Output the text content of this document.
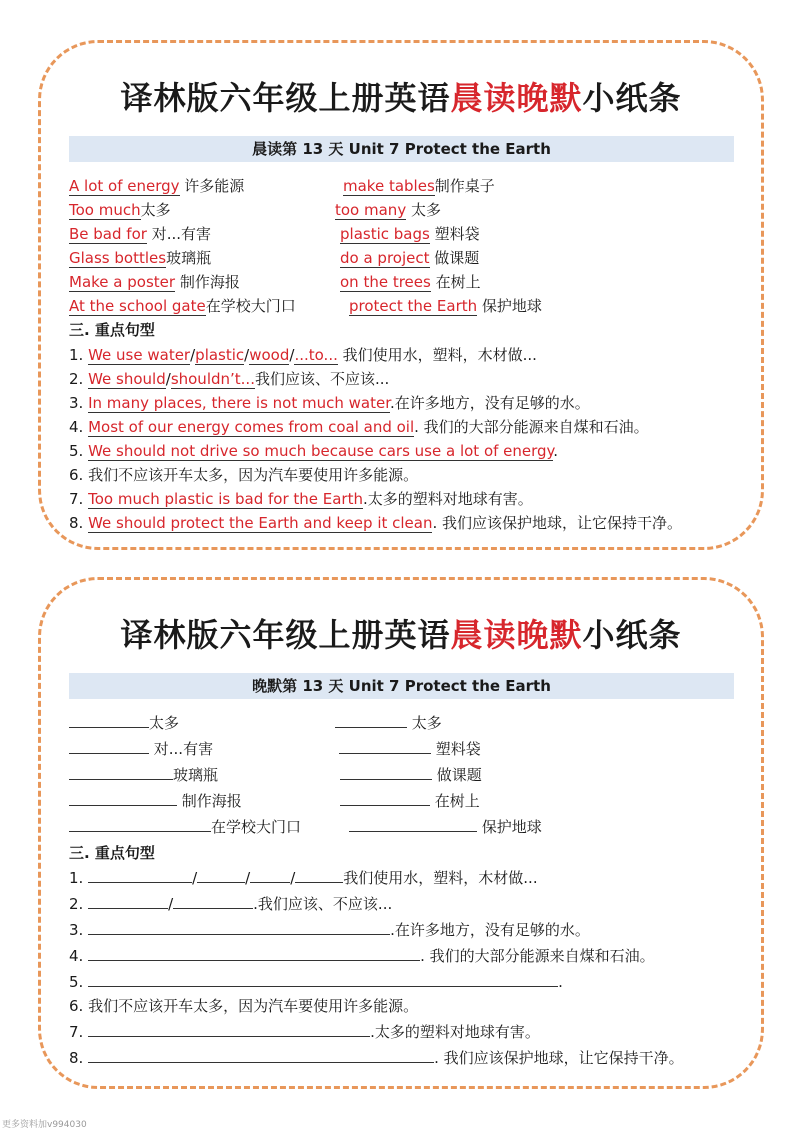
译林版六年级上册英语晨读晚默小纸条
晨读第 13 天 Unit 7 Protect the Earth
A lot of energy 许多能源	make tables制作桌子
Too much太多	too many 太多
Be bad for 对...有害	plastic bags 塑料袋
Glass bottles玻璃瓶	do a project 做课题
Make a poster 制作海报	on the trees 在树上
At the school gate在学校大门口	protect the Earth 保护地球
三. 重点句型
1. We use water/plastic/wood/...to... 我们使用水，塑料，木材做...
2. We should/shouldn’t...我们应该、不应该...
3. In many places, there is not much water.在许多地方，没有足够的水。
4. Most of our energy comes from coal and oil. 我们的大部分能源来自煤和石油。
5. We should not drive so much because cars use a lot of energy.
6. 我们不应该开车太多，因为汽车要使用许多能源。
7. Too much plastic is bad for the Earth.太多的塑料对地球有害。
8. We should protect the Earth and keep it clean. 我们应该保护地球，让它保持干净。
译林版六年级上册英语晨读晚默小纸条
晚默第 13 天 Unit 7 Protect the Earth
太多	太多
对...有害	塑料袋
玻璃瓶	做课题
制作海报	在树上
在学校大门口	保护地球
三. 重点句型
1.	/	/	/	我们使用水，塑料，木材做...
2.	/	.我们应该、不应该...
3.	.在许多地方，没有足够的水。
4.	. 我们的大部分能源来自煤和石油。
5.	.
6. 我们不应该开车太多，因为汽车要使用许多能源。
7.	.太多的塑料对地球有害。
8.	. 我们应该保护地球，让它保持干净。
更多资料加v994030
